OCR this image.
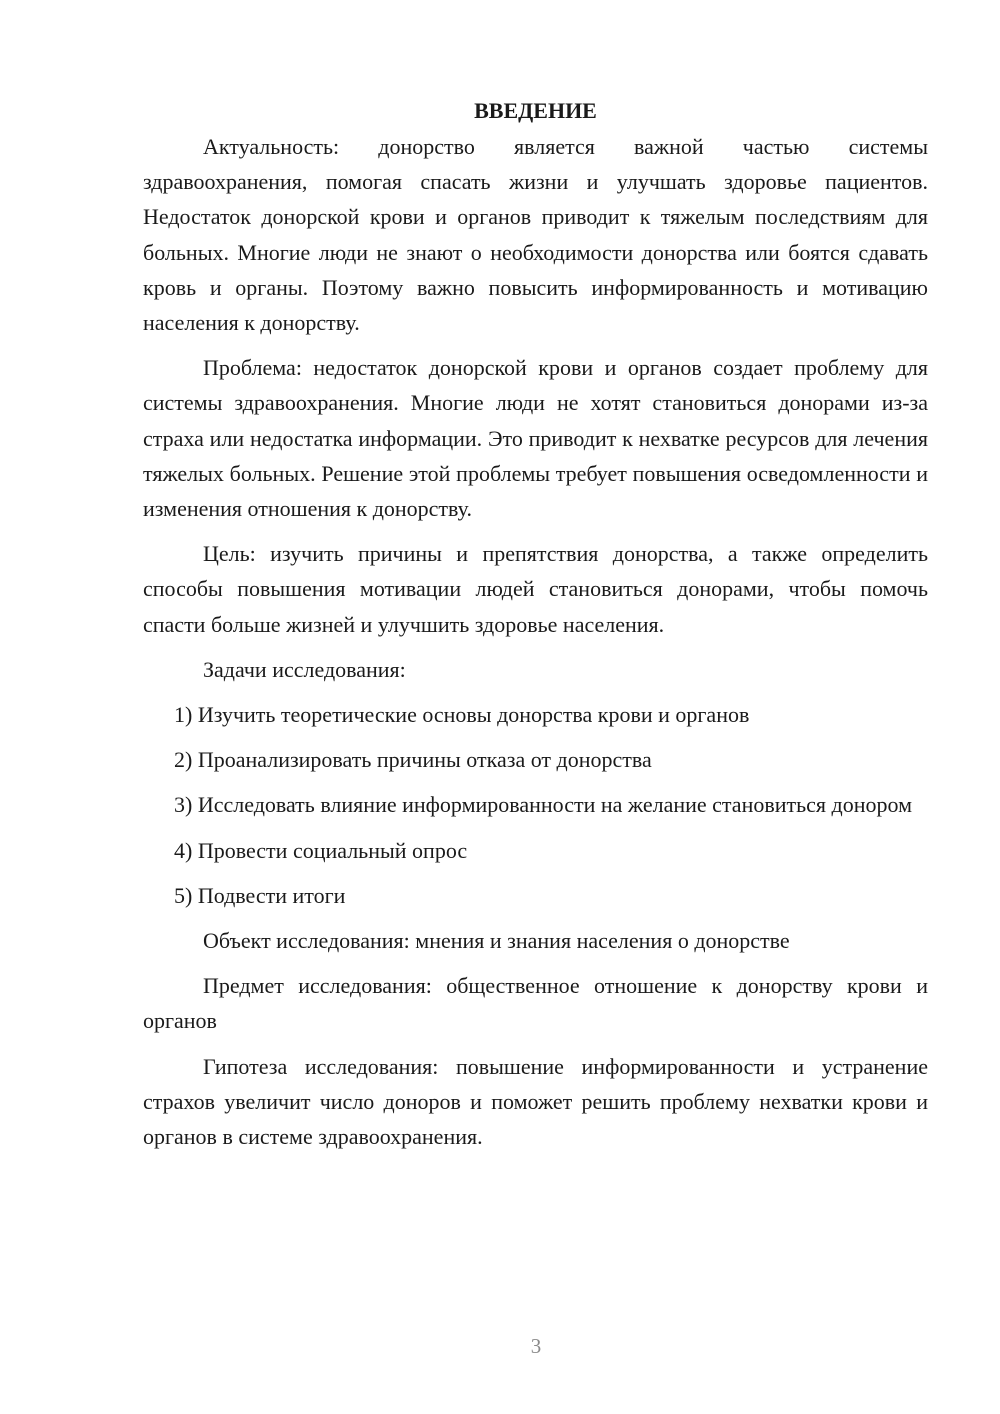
ВВЕДЕНИЕ

Актуальность: донорство является важной частью системы здравоохранения, помогая спасать жизни и улучшать здоровье пациентов. Недостаток донорской крови и органов приводит к тяжелым последствиям для больных. Многие люди не знают о необходимости донорства или боятся сдавать кровь и органы. Поэтому важно повысить информированность и мотивацию населения к донорству.

Проблема: недостаток донорской крови и органов создает проблему для системы здравоохранения. Многие люди не хотят становиться донорами из-за страха или недостатка информации. Это приводит к нехватке ресурсов для лечения тяжелых больных. Решение этой проблемы требует повышения осведомленности и изменения отношения к донорству.

Цель: изучить причины и препятствия донорства, а также определить способы повышения мотивации людей становиться донорами, чтобы помочь спасти больше жизней и улучшить здоровье населения.

Задачи исследования:

1) Изучить теоретические основы донорства крови и органов

2) Проанализировать причины отказа от донорства

3) Исследовать влияние информированности на желание становиться донором

4) Провести социальный опрос

5) Подвести итоги

Объект исследования: мнения и знания населения о донорстве

Предмет исследования: общественное отношение к донорству крови и органов

Гипотеза исследования: повышение информированности и устранение страхов увеличит число доноров и поможет решить проблему нехватки крови и органов в системе здравоохранения.

3
